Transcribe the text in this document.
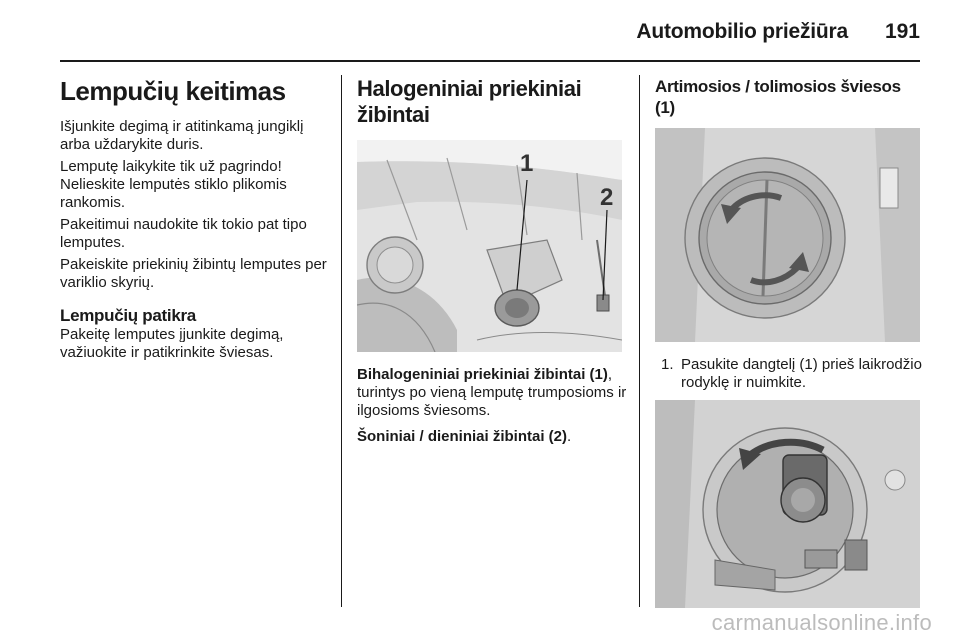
Automobilio priežiūra 191
Lempučių keitimas

Išjunkite degimą ir atitinkamą jungiklį arba uždarykite duris.

Lemputę laikykite tik už pagrindo! Nelieskite lemputės stiklo plikomis rankomis.

Pakeitimui naudokite tik tokio pat tipo lemputes.

Pakeiskite priekinių žibintų lemputes per variklio skyrių.

Lempučių patikra

Pakeitę lemputes įjunkite degimą, važiuokite ir patikrinkite šviesas.

Halogeniniai priekiniai žibintai
1
2

Bihalogeniniai priekiniai žibintai (1), turintys po vieną lemputę trumposioms ir ilgosioms šviesoms.

Šoniniai / dieniniai žibintai (2).

Artimosios / tolimosios šviesos (1)
1. Pasukite dangtelį (1) prieš laikrodžio rodyklę ir nuimkite.
carmanualsonline.info
